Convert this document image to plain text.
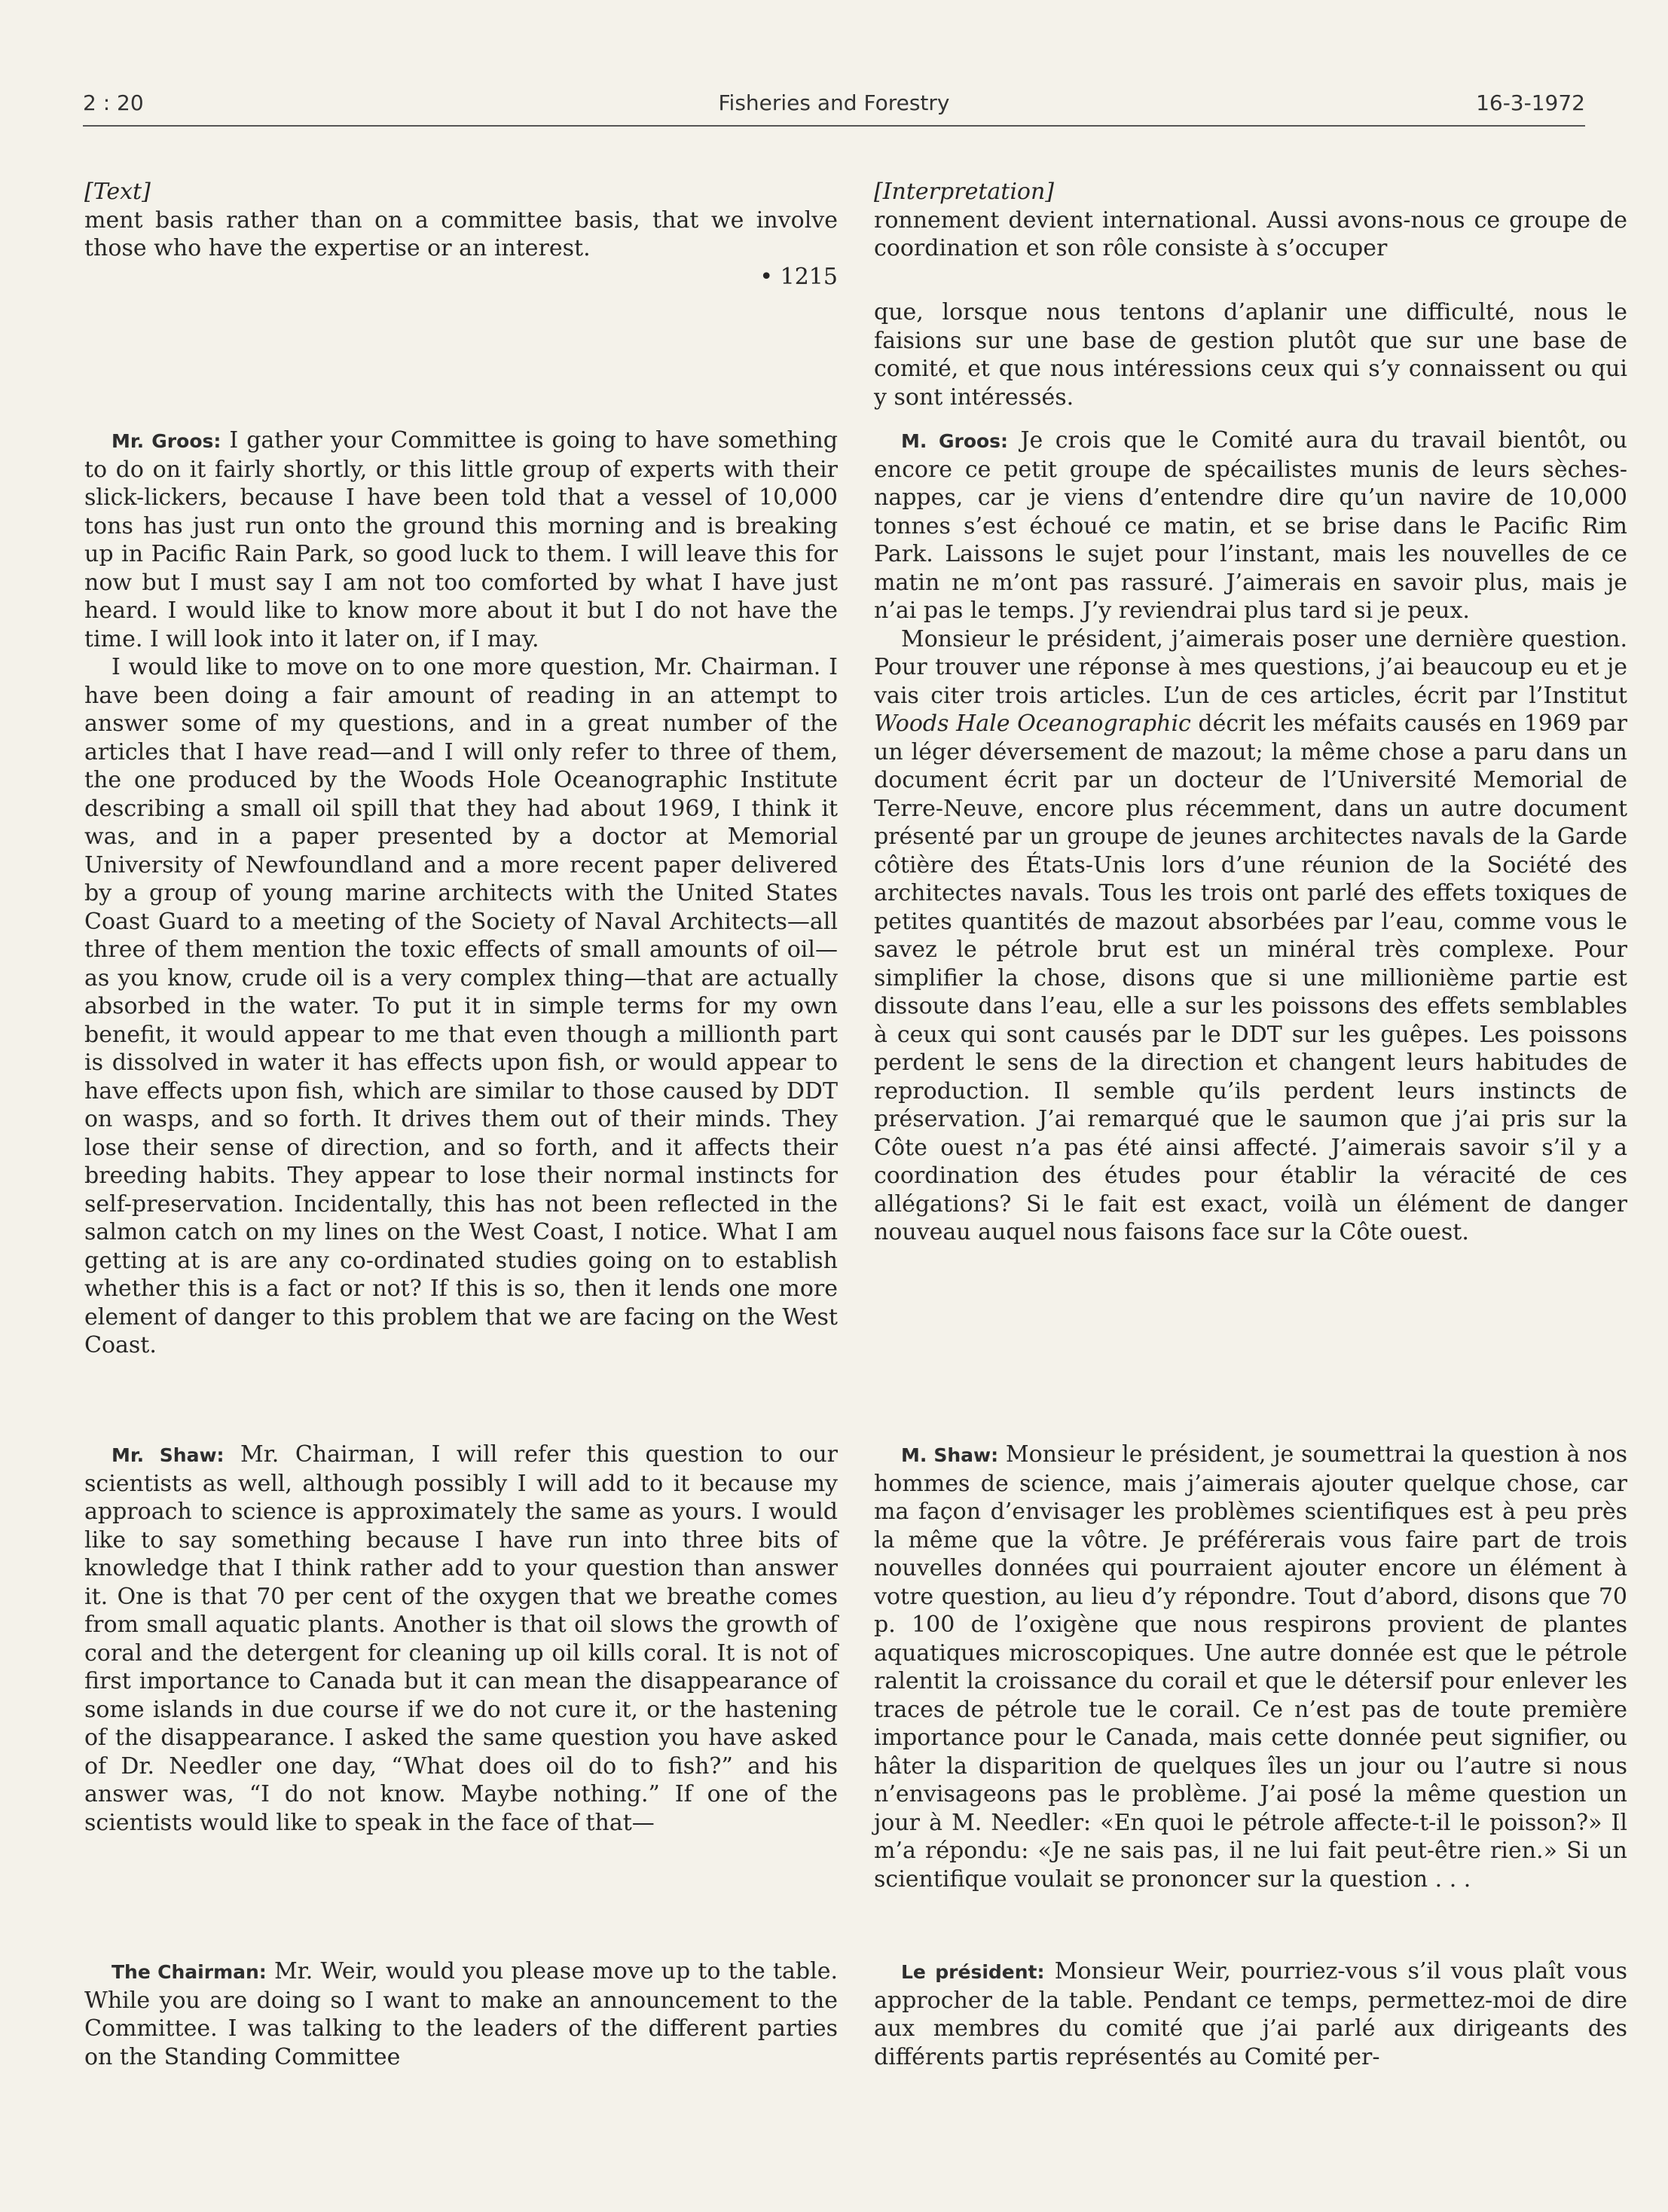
2 : 20	Fisheries and Forestry	16-3-1972

[Text]

ment basis rather than on a committee basis, that we involve those who have the expertise or an interest.

• 1215

Mr. Groos: I gather your Committee is going to have something to do on it fairly shortly, or this little group of experts with their slick-lickers, because I have been told that a vessel of 10,000 tons has just run onto the ground this morning and is breaking up in Pacific Rain Park, so good luck to them. I will leave this for now but I must say I am not too comforted by what I have just heard. I would like to know more about it but I do not have the time. I will look into it later on, if I may.

I would like to move on to one more question, Mr. Chairman. I have been doing a fair amount of reading in an attempt to answer some of my questions, and in a great number of the articles that I have read—and I will only refer to three of them, the one produced by the Woods Hole Oceanographic Institute describing a small oil spill that they had about 1969, I think it was, and in a paper presented by a doctor at Memorial University of Newfoundland and a more recent paper delivered by a group of young marine architects with the United States Coast Guard to a meeting of the Society of Naval Architects—all three of them mention the toxic effects of small amounts of oil—as you know, crude oil is a very complex thing—that are actually absorbed in the water. To put it in simple terms for my own benefit, it would appear to me that even though a millionth part is dissolved in water it has effects upon fish, or would appear to have effects upon fish, which are similar to those caused by DDT on wasps, and so forth. It drives them out of their minds. They lose their sense of direction, and so forth, and it affects their breeding habits. They appear to lose their normal instincts for self-preservation. Incidentally, this has not been reflected in the salmon catch on my lines on the West Coast, I notice. What I am getting at is are any co-ordinated studies going on to establish whether this is a fact or not? If this is so, then it lends one more element of danger to this problem that we are facing on the West Coast.

Mr. Shaw: Mr. Chairman, I will refer this question to our scientists as well, although possibly I will add to it because my approach to science is approximately the same as yours. I would like to say something because I have run into three bits of knowledge that I think rather add to your question than answer it. One is that 70 per cent of the oxygen that we breathe comes from small aquatic plants. Another is that oil slows the growth of coral and the detergent for cleaning up oil kills coral. It is not of first importance to Canada but it can mean the disappearance of some islands in due course if we do not cure it, or the hastening of the disappearance. I asked the same question you have asked of Dr. Needler one day, “What does oil do to fish?” and his answer was, “I do not know. Maybe nothing.” If one of the scientists would like to speak in the face of that—

The Chairman: Mr. Weir, would you please move up to the table. While you are doing so I want to make an announcement to the Committee. I was talking to the leaders of the different parties on the Standing Committee

[Interpretation]

ronnement devient international. Aussi avons-nous ce groupe de coordination et son rôle consiste à s’occuper

que, lorsque nous tentons d’aplanir une difficulté, nous le faisions sur une base de gestion plutôt que sur une base de comité, et que nous intéressions ceux qui s’y connaissent ou qui y sont intéressés.

M. Groos: Je crois que le Comité aura du travail bientôt, ou encore ce petit groupe de spécailistes munis de leurs sèches-nappes, car je viens d’entendre dire qu’un navire de 10,000 tonnes s’est échoué ce matin, et se brise dans le Pacific Rim Park. Laissons le sujet pour l’instant, mais les nouvelles de ce matin ne m’ont pas rassuré. J’aimerais en savoir plus, mais je n’ai pas le temps. J’y reviendrai plus tard si je peux.

Monsieur le président, j’aimerais poser une dernière question. Pour trouver une réponse à mes questions, j’ai beaucoup eu et je vais citer trois articles. L’un de ces articles, écrit par l’Institut Woods Hale Oceanographic décrit les méfaits causés en 1969 par un léger déversement de mazout; la même chose a paru dans un document écrit par un docteur de l’Université Memorial de Terre-Neuve, encore plus récemment, dans un autre document présenté par un groupe de jeunes architectes navals de la Garde côtière des États-Unis lors d’une réunion de la Société des architectes navals. Tous les trois ont parlé des effets toxiques de petites quantités de mazout absorbées par l’eau, comme vous le savez le pétrole brut est un minéral très complexe. Pour simplifier la chose, disons que si une millionième partie est dissoute dans l’eau, elle a sur les poissons des effets semblables à ceux qui sont causés par le DDT sur les guêpes. Les poissons perdent le sens de la direction et changent leurs habitudes de reproduction. Il semble qu’ils perdent leurs instincts de préservation. J’ai remarqué que le saumon que j’ai pris sur la Côte ouest n’a pas été ainsi affecté. J’aimerais savoir s’il y a coordination des études pour établir la véracité de ces allégations? Si le fait est exact, voilà un élément de danger nouveau auquel nous faisons face sur la Côte ouest.

M. Shaw: Monsieur le président, je soumettrai la question à nos hommes de science, mais j’aimerais ajouter quelque chose, car ma façon d’envisager les problèmes scientifiques est à peu près la même que la vôtre. Je préférerais vous faire part de trois nouvelles données qui pourraient ajouter encore un élément à votre question, au lieu d’y répondre. Tout d’abord, disons que 70 p. 100 de l’oxigène que nous respirons provient de plantes aquatiques microscopiques. Une autre donnée est que le pétrole ralentit la croissance du corail et que le détersif pour enlever les traces de pétrole tue le corail. Ce n’est pas de toute première importance pour le Canada, mais cette donnée peut signifier, ou hâter la disparition de quelques îles un jour ou l’autre si nous n’envisageons pas le problème. J’ai posé la même question un jour à M. Needler: «En quoi le pétrole affecte-t-il le poisson?» Il m’a répondu: «Je ne sais pas, il ne lui fait peut-être rien.» Si un scientifique voulait se prononcer sur la question . . .

Le président: Monsieur Weir, pourriez-vous s’il vous plaît vous approcher de la table. Pendant ce temps, permettez-moi de dire aux membres du comité que j’ai parlé aux dirigeants des différents partis représentés au Comité per-
